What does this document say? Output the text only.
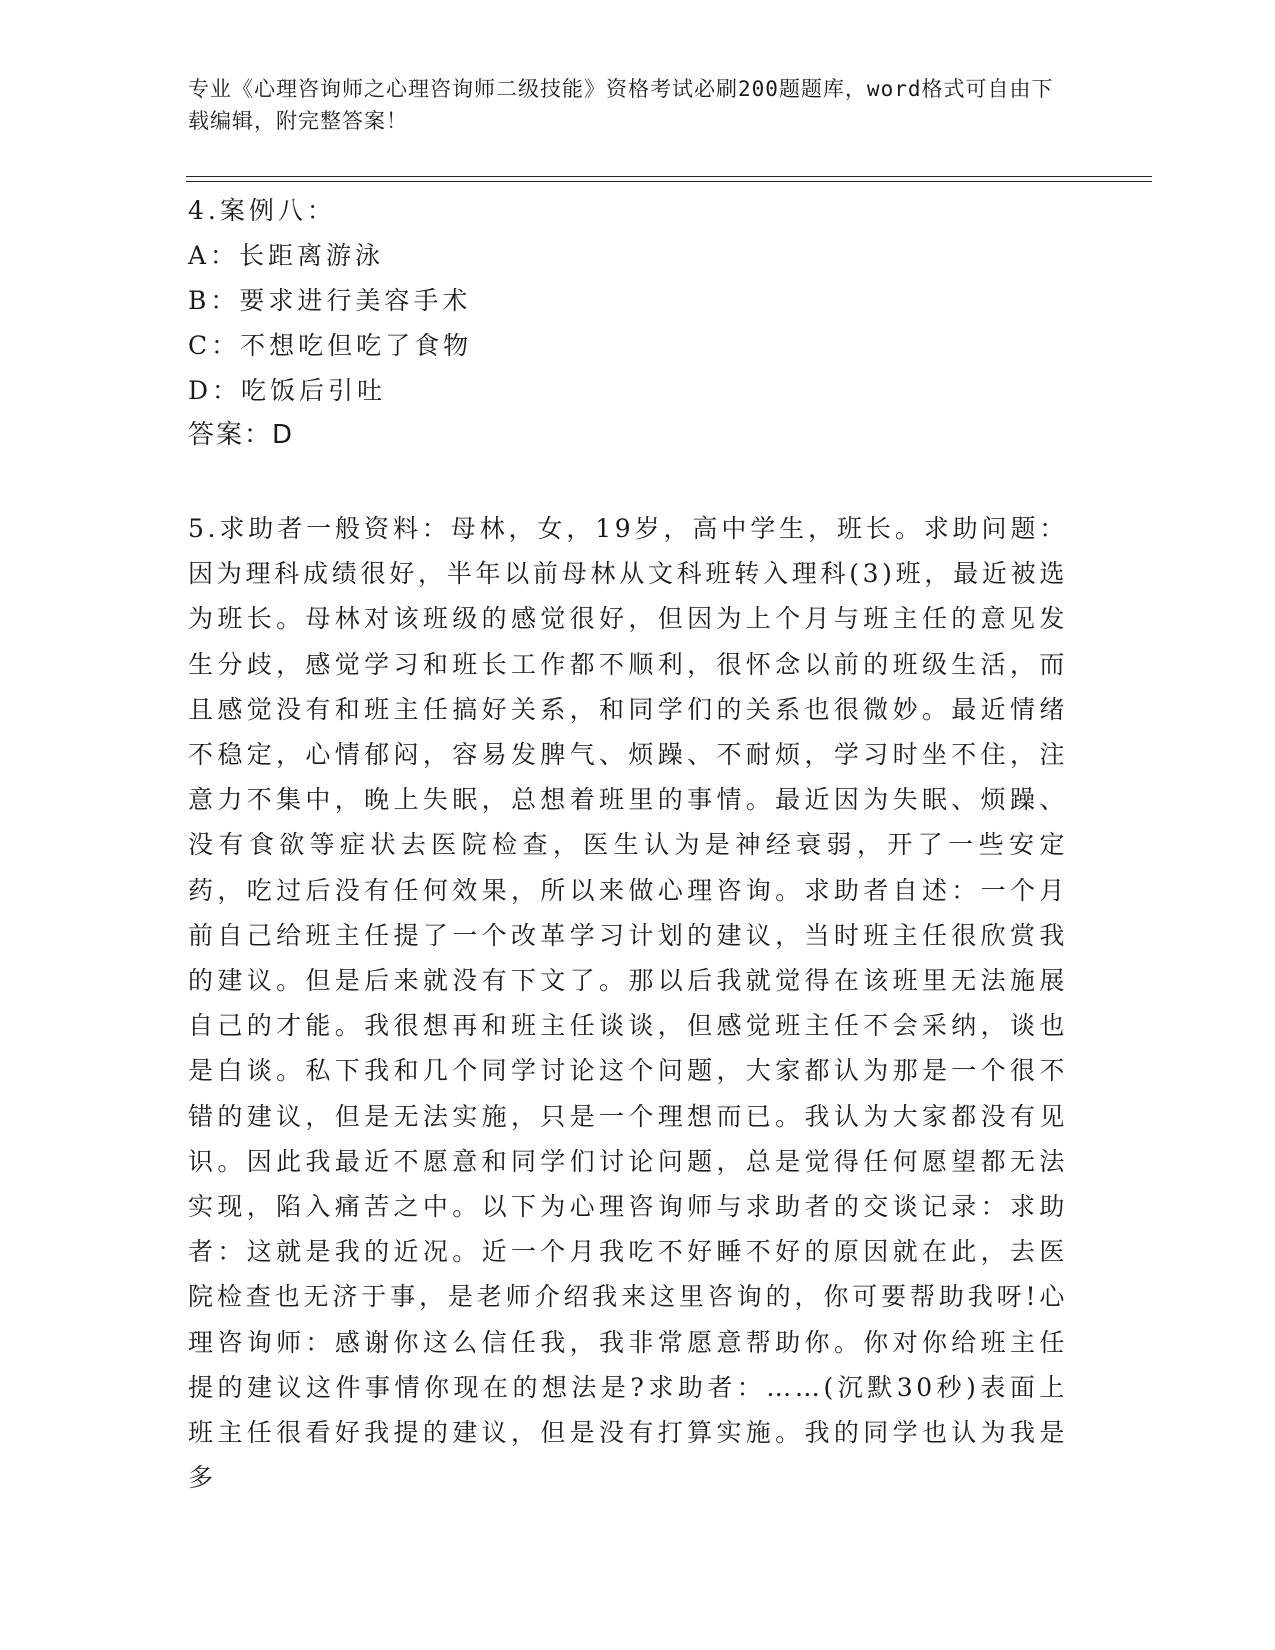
专业《心理咨询师之心理咨询师二级技能》资格考试必刷200题题库，word格式可自由下载编辑，附完整答案！
4.案例八：
A：长距离游泳
B：要求进行美容手术
C：不想吃但吃了食物
D：吃饭后引吐
答案：D
5.求助者一般资料：母林，女，19岁，高中学生，班长。求助问题：因为理科成绩很好，半年以前母林从文科班转入理科(3)班，最近被选为班长。母林对该班级的感觉很好，但因为上个月与班主任的意见发生分歧，感觉学习和班长工作都不顺利，很怀念以前的班级生活，而且感觉没有和班主任搞好关系，和同学们的关系也很微妙。最近情绪不稳定，心情郁闷，容易发脾气、烦躁、不耐烦，学习时坐不住，注意力不集中，晚上失眠，总想着班里的事情。最近因为失眠、烦躁、没有食欲等症状去医院检查，医生认为是神经衰弱，开了一些安定药，吃过后没有任何效果，所以来做心理咨询。求助者自述：一个月前自己给班主任提了一个改革学习计划的建议，当时班主任很欣赏我的建议。但是后来就没有下文了。那以后我就觉得在该班里无法施展自己的才能。我很想再和班主任谈谈，但感觉班主任不会采纳，谈也是白谈。私下我和几个同学讨论这个问题，大家都认为那是一个很不错的建议，但是无法实施，只是一个理想而已。我认为大家都没有见识。因此我最近不愿意和同学们讨论问题，总是觉得任何愿望都无法实现，陷入痛苦之中。以下为心理咨询师与求助者的交谈记录：求助者：这就是我的近况。近一个月我吃不好睡不好的原因就在此，去医院检查也无济于事，是老师介绍我来这里咨询的，你可要帮助我呀!心理咨询师：感谢你这么信任我，我非常愿意帮助你。你对你给班主任提的建议这件事情你现在的想法是?求助者：……(沉默30秒)表面上班主任很看好我提的建议，但是没有打算实施。我的同学也认为我是多
